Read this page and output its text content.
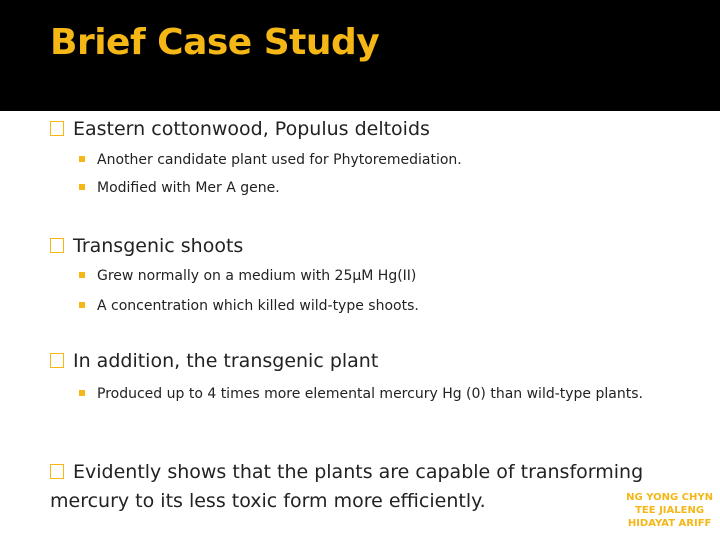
Brief Case Study
Eastern cottonwood, Populus deltoids
Another candidate plant used for Phytoremediation.
Modified with Mer A gene.
Transgenic shoots
Grew normally on a medium with 25µM Hg(II)
A concentration which killed wild-type shoots.
In addition, the transgenic plant
Produced up to 4 times more elemental mercury Hg (0) than wild-type plants.
Evidently shows that the plants are capable of transforming mercury to its less toxic form more efficiently.	NG YONG CHYN
TEE JIALENG
HIDAYAT ARIFF
